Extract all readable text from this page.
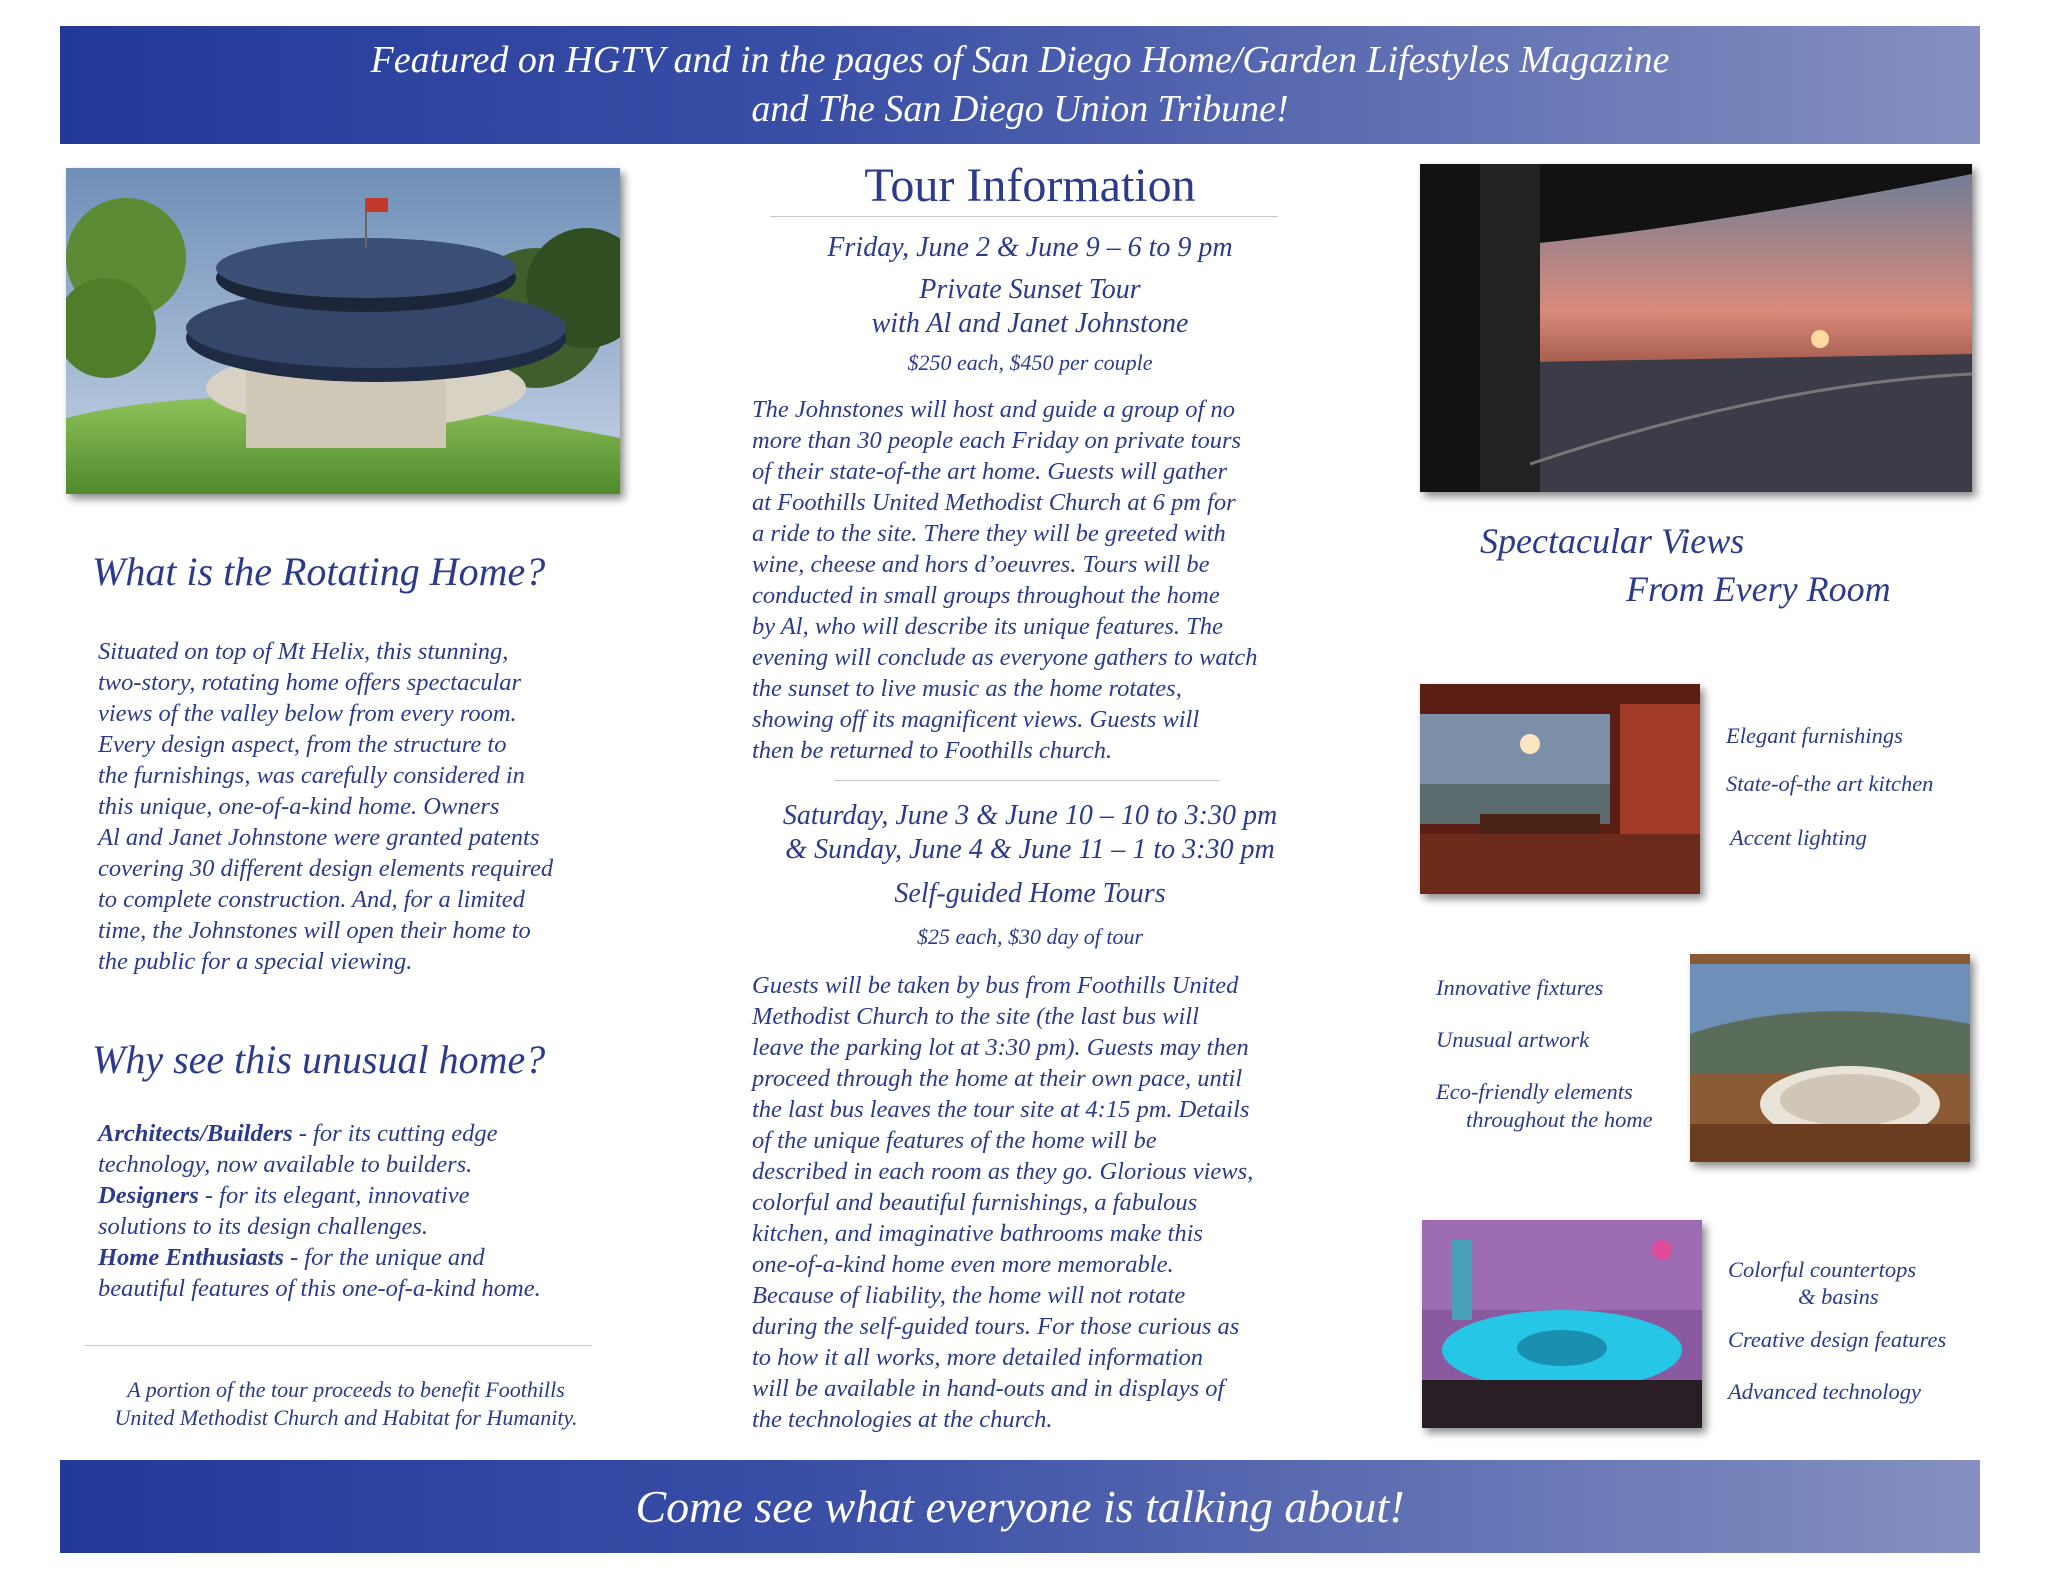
Featured on HGTV and in the pages of San Diego Home/Garden Lifestyles Magazine
and The San Diego Union Tribune!
What is the Rotating Home?
Situated on top of Mt Helix, this stunning,
two-story, rotating home offers spectacular
views of the valley below from every room.
Every design aspect, from the structure to
the furnishings, was carefully considered in
this unique, one-of-a-kind home. Owners
Al and Janet Johnstone were granted patents
covering 30 different design elements required
to complete construction. And, for a limited
time, the Johnstones will open their home to
the public for a special viewing.
Why see this unusual home?
Architects/Builders - for its cutting edge
technology, now available to builders.
Designers - for its elegant, innovative
solutions to its design challenges.
Home Enthusiasts - for the unique and
beautiful features of this one-of-a-kind home.
A portion of the tour proceeds to benefit Foothills
United Methodist Church and Habitat for Humanity.
Tour Information
Friday, June 2 & June 9 – 6 to 9 pm
Private Sunset Tour
with Al and Janet Johnstone
$250 each, $450 per couple
The Johnstones will host and guide a group of no
more than 30 people each Friday on private tours
of their state-of-the art home. Guests will gather
at Foothills United Methodist Church at 6 pm for
a ride to the site. There they will be greeted with
wine, cheese and hors d’oeuvres. Tours will be
conducted in small groups throughout the home
by Al, who will describe its unique features. The
evening will conclude as everyone gathers to watch
the sunset to live music as the home rotates,
showing off its magnificent views. Guests will
then be returned to Foothills church.
Saturday, June 3 & June 10 – 10 to 3:30 pm
& Sunday, June 4 & June 11 – 1 to 3:30 pm
Self-guided Home Tours
$25 each, $30 day of tour
Guests will be taken by bus from Foothills United
Methodist Church to the site (the last bus will
leave the parking lot at 3:30 pm). Guests may then
proceed through the home at their own pace, until
the last bus leaves the tour site at 4:15 pm. Details
of the unique features of the home will be
described in each room as they go. Glorious views,
colorful and beautiful furnishings, a fabulous
kitchen, and imaginative bathrooms make this
one-of-a-kind home even more memorable.
Because of liability, the home will not rotate
during the self-guided tours. For those curious as
to how it all works, more detailed information
will be available in hand-outs and in displays of
the technologies at the church.
Spectacular Views
From Every Room
Elegant furnishings
State-of-the art kitchen
Accent lighting
Innovative fixtures
Unusual artwork
Eco-friendly elements
throughout the home
Colorful countertops
& basins
Creative design features
Advanced technology
Come see what everyone is talking about!
